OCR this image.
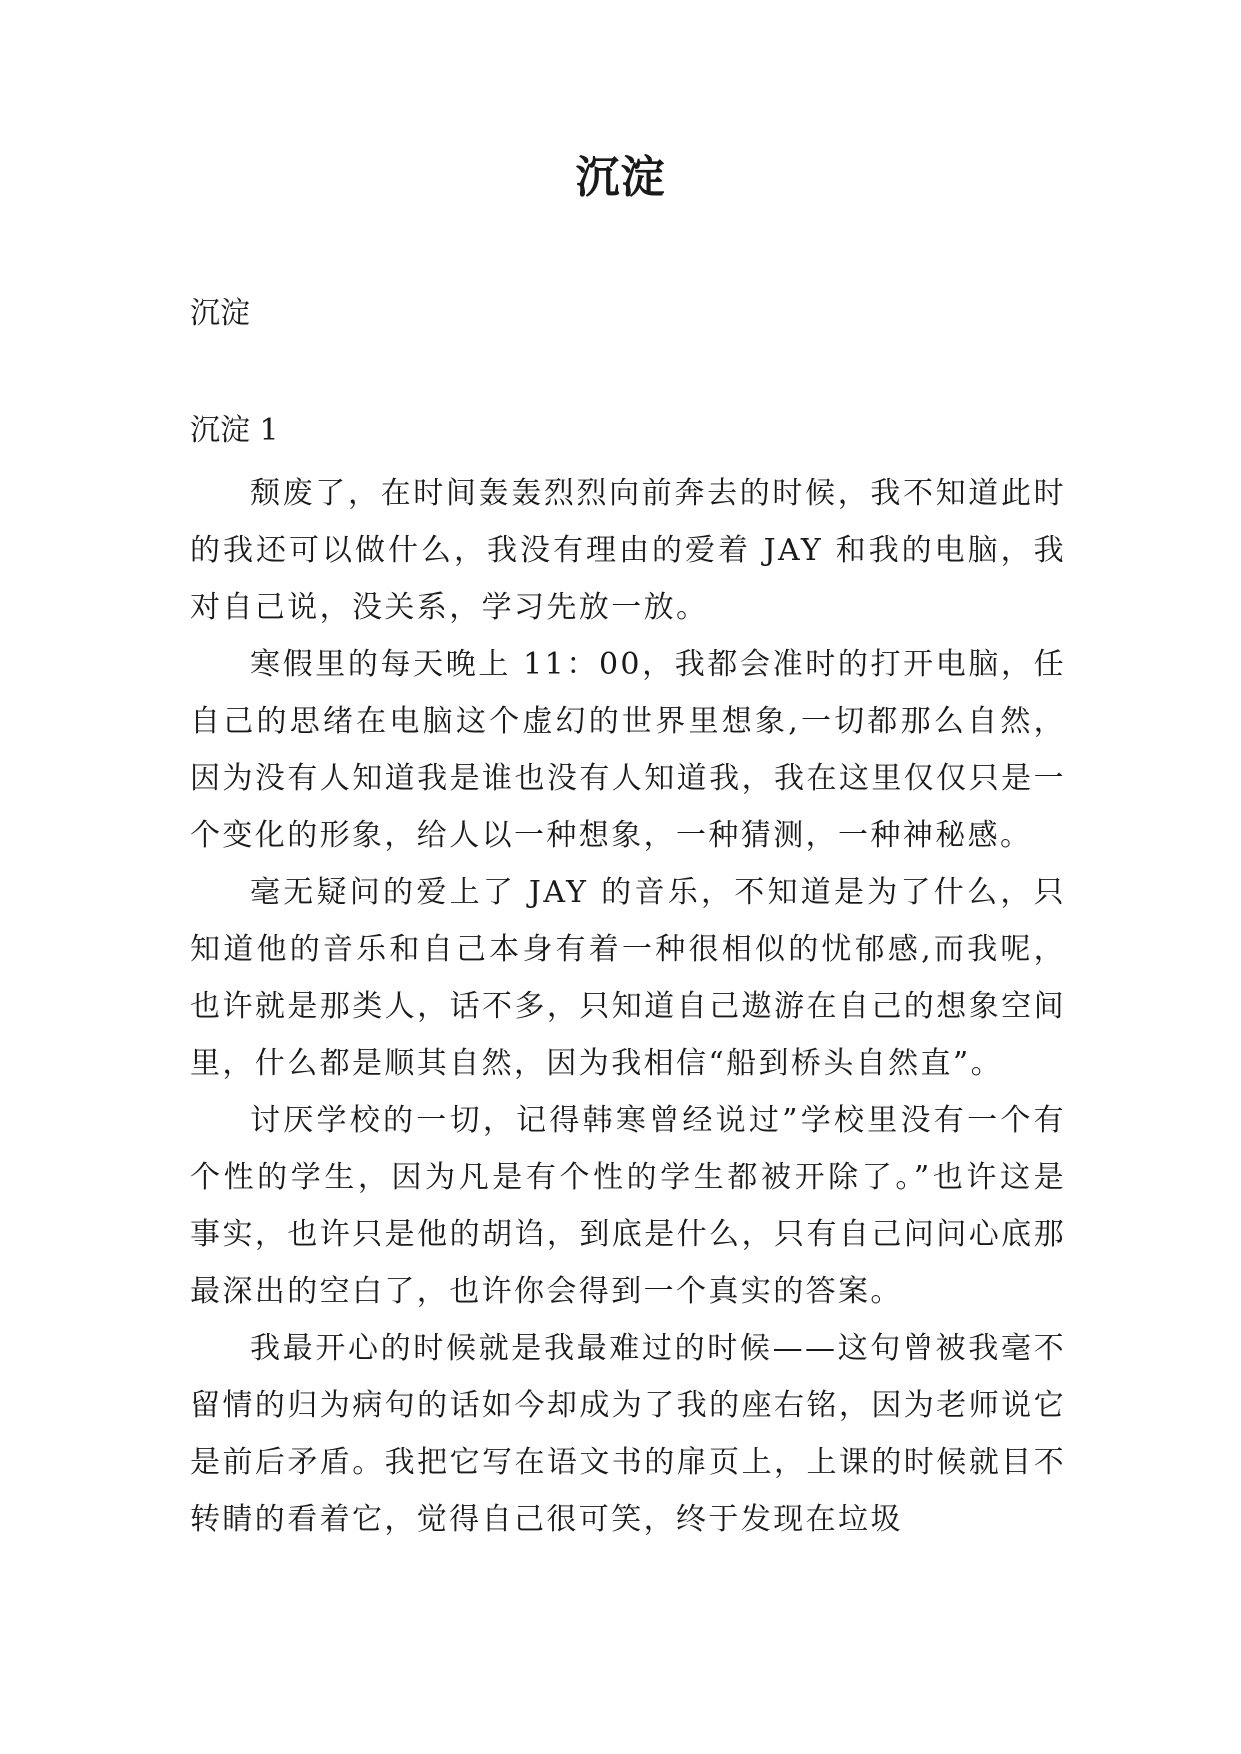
沉淀

沉淀

沉淀 1

颓废了，在时间轰轰烈烈向前奔去的时候，我不知道此时的我还可以做什么，我没有理由的爱着 JAY 和我的电脑，我对自己说，没关系，学习先放一放。

寒假里的每天晚上 11：00，我都会准时的打开电脑，任自己的思绪在电脑这个虚幻的世界里想象,一切都那么自然，因为没有人知道我是谁也没有人知道我，我在这里仅仅只是一个变化的形象，给人以一种想象，一种猜测，一种神秘感。

毫无疑问的爱上了 JAY 的音乐，不知道是为了什么，只知道他的音乐和自己本身有着一种很相似的忧郁感,而我呢，也许就是那类人，话不多，只知道自己遨游在自己的想象空间里，什么都是顺其自然，因为我相信“船到桥头自然直”。

讨厌学校的一切，记得韩寒曾经说过”学校里没有一个有个性的学生，因为凡是有个性的学生都被开除了。”也许这是事实，也许只是他的胡诌，到底是什么，只有自己问问心底那最深出的空白了，也许你会得到一个真实的答案。

我最开心的时候就是我最难过的时候——这句曾被我毫不留情的归为病句的话如今却成为了我的座右铭，因为老师说它是前后矛盾。我把它写在语文书的扉页上，上课的时候就目不转睛的看着它，觉得自己很可笑，终于发现在垃圾
